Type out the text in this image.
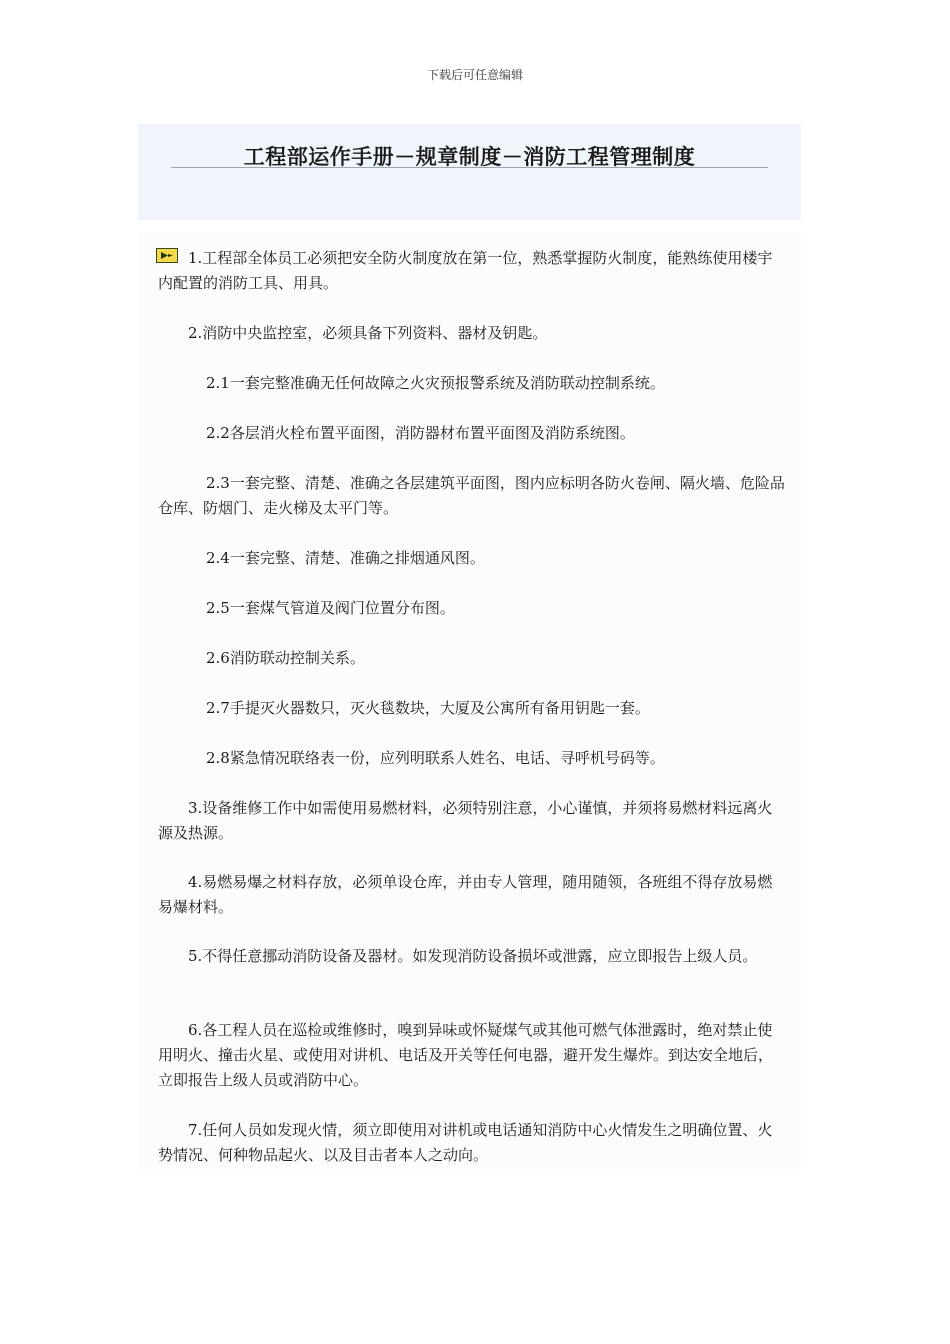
下载后可任意编辑
工程部运作手册－规章制度－消防工程管理制度

1.工程部全体员工必须把安全防火制度放在第一位，熟悉掌握防火制度，能熟练使用楼宇内配置的消防工具、用具。

2.消防中央监控室，必须具备下列资料、器材及钥匙。

2.1一套完整准确无任何故障之火灾预报警系统及消防联动控制系统。

2.2各层消火栓布置平面图，消防器材布置平面图及消防系统图。

2.3一套完整、清楚、准确之各层建筑平面图，图内应标明各防火卷闸、隔火墙、危险品仓库、防烟门、走火梯及太平门等。

2.4一套完整、清楚、准确之排烟通风图。

2.5一套煤气管道及阀门位置分布图。

2.6消防联动控制关系。

2.7手提灭火器数只，灭火毯数块，大厦及公寓所有备用钥匙一套。

2.8紧急情况联络表一份，应列明联系人姓名、电话、寻呼机号码等。

3.设备维修工作中如需使用易燃材料，必须特别注意，小心谨慎，并须将易燃材料远离火源及热源。

4.易燃易爆之材料存放，必须单设仓库，并由专人管理，随用随领，各班组不得存放易燃易爆材料。

5.不得任意挪动消防设备及器材。如发现消防设备损坏或泄露，应立即报告上级人员。

6.各工程人员在巡检或维修时，嗅到异味或怀疑煤气或其他可燃气体泄露时，绝对禁止使用明火、撞击火星、或使用对讲机、电话及开关等任何电器，避开发生爆炸。到达安全地后，立即报告上级人员或消防中心。

7.任何人员如发现火情，须立即使用对讲机或电话通知消防中心火情发生之明确位置、火势情况、何种物品起火、以及目击者本人之动向。
